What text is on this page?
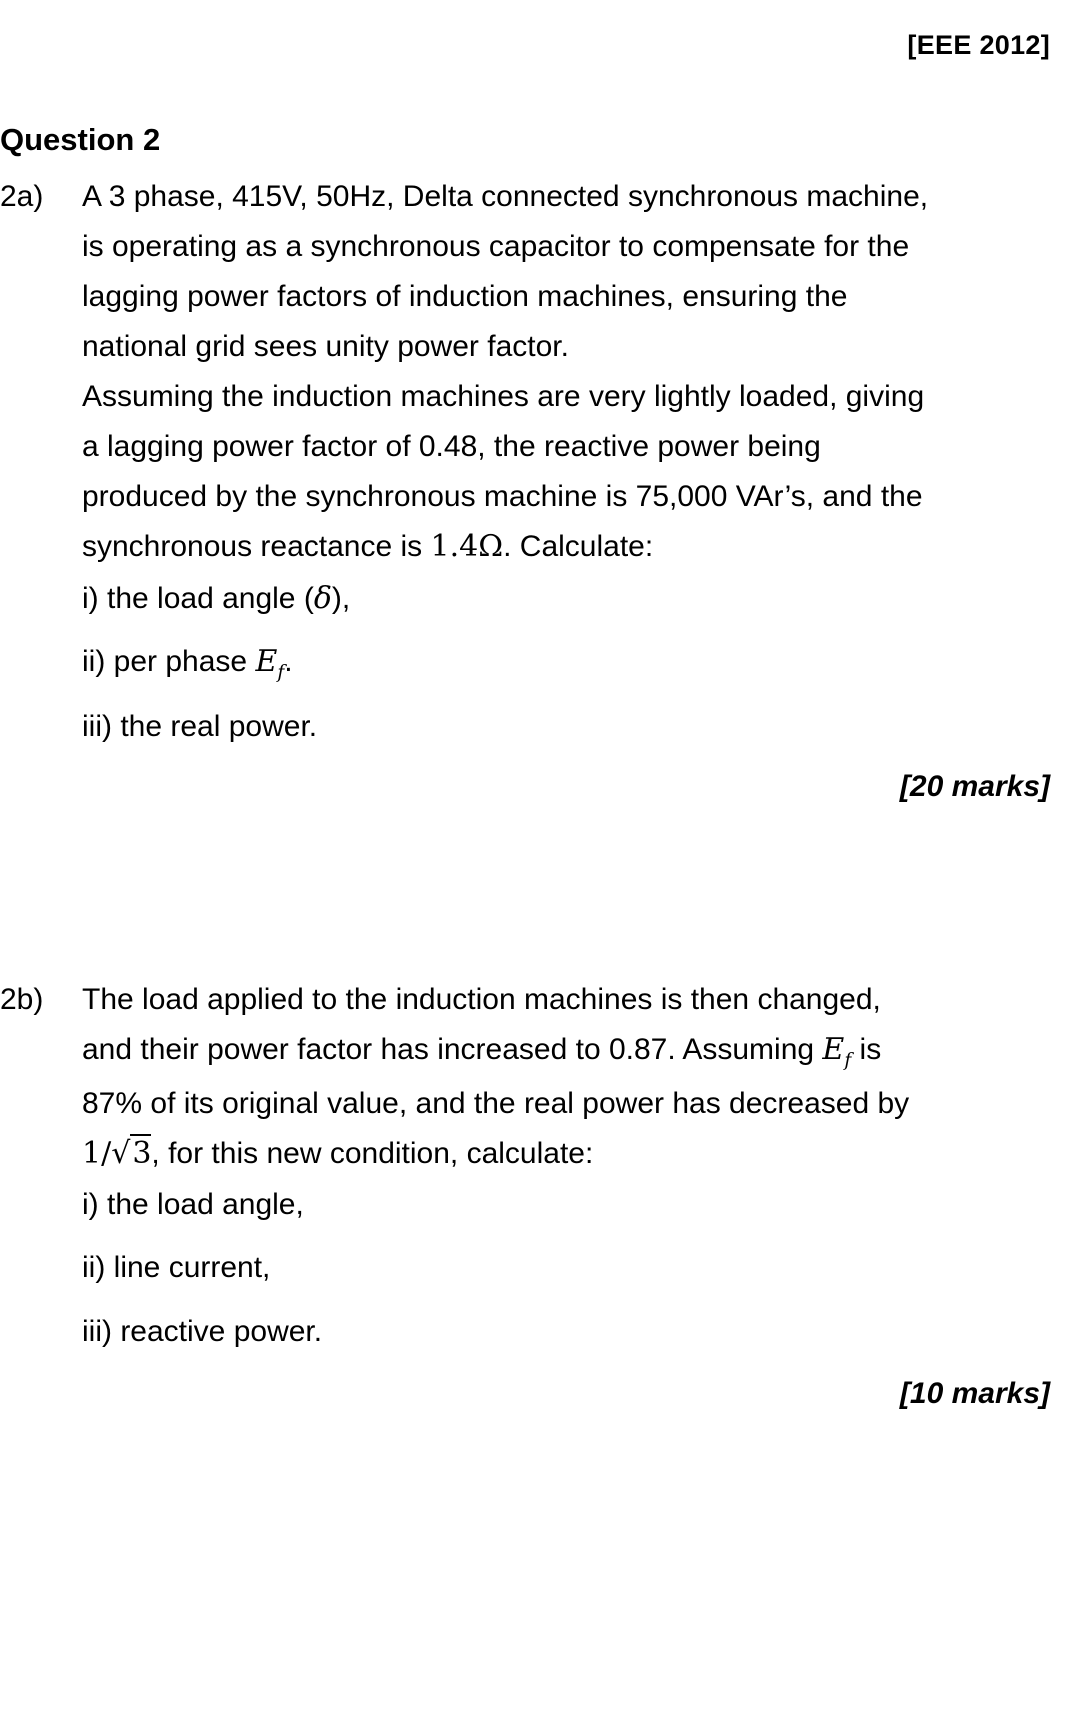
[EEE 2012]
Question 2
2a) A 3 phase, 415V, 50Hz, Delta connected synchronous machine,
is operating as a synchronous capacitor to compensate for the
lagging power factors of induction machines, ensuring the
national grid sees unity power factor.
Assuming the induction machines are very lightly loaded, giving
a lagging power factor of 0.48, the reactive power being
produced by the synchronous machine is 75,000 VAr’s, and the
synchronous reactance is 1.4Ω. Calculate:
i) the load angle (δ),
ii) per phase $E_f$.
iii) the real power.
[20 marks]
2b) The load applied to the induction machines is then changed,
and their power factor has increased to 0.87. Assuming $E_f$ is
87% of its original value, and the real power has decreased by
1/√3, for this new condition, calculate:
i) the load angle,
ii) line current,
iii) reactive power.
[10 marks]
